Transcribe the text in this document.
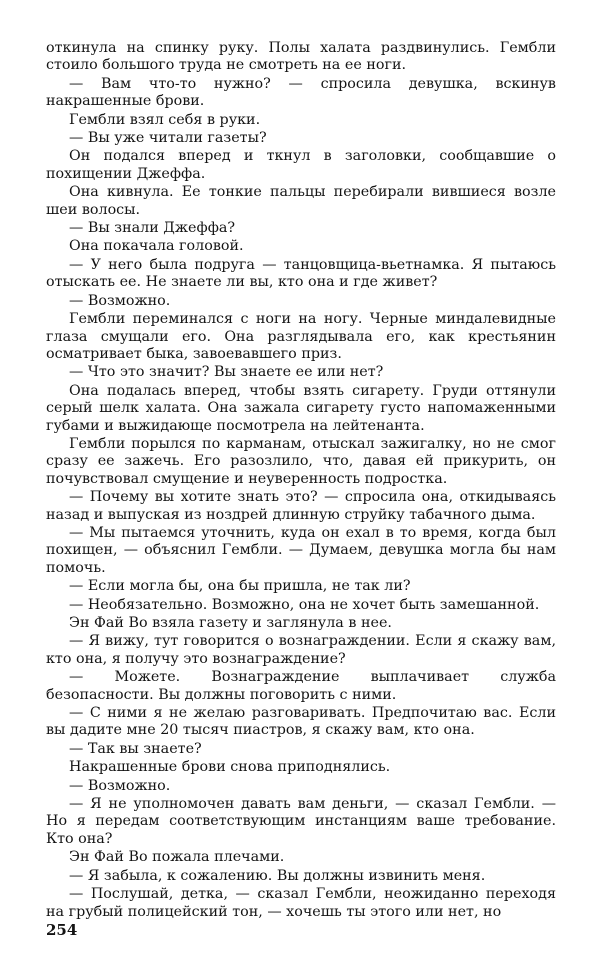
откинула на спинку руку. Полы халата раздвинулись. Гембли стоило большого труда не смотреть на ее ноги.

— Вам что-то нужно? — спросила девушка, вскинув накрашенные брови.

Гембли взял себя в руки.

— Вы уже читали газеты?

Он подался вперед и ткнул в заголовки, сообщавшие о похищении Джеффа.

Она кивнула. Ее тонкие пальцы перебирали вившиеся возле шеи волосы.

— Вы знали Джеффа?

Она покачала головой.

— У него была подруга — танцовщица-вьетнамка. Я пытаюсь отыскать ее. Не знаете ли вы, кто она и где живет?

— Возможно.

Гембли переминался с ноги на ногу. Черные миндалевидные глаза смущали его. Она разглядывала его, как крестьянин осматривает быка, завоевавшего приз.

— Что это значит? Вы знаете ее или нет?

Она подалась вперед, чтобы взять сигарету. Груди оттянули серый шелк халата. Она зажала сигарету густо напомаженными губами и выжидающе посмотрела на лейтенанта.

Гембли порылся по карманам, отыскал зажигалку, но не смог сразу ее зажечь. Его разозлило, что, давая ей прикурить, он почувствовал смущение и неуверенность подростка.

— Почему вы хотите знать это? — спросила она, откидываясь назад и выпуская из ноздрей длинную струйку табачного дыма.

— Мы пытаемся уточнить, куда он ехал в то время, когда был похищен, — объяснил Гембли. — Думаем, девушка могла бы нам помочь.

— Если могла бы, она бы пришла, не так ли?

— Необязательно. Возможно, она не хочет быть замешанной.

Эн Фай Во взяла газету и заглянула в нее.

— Я вижу, тут говорится о вознаграждении. Если я скажу вам, кто она, я получу это вознаграждение?

— Можете. Вознаграждение выплачивает служба безопасности. Вы должны поговорить с ними.

— С ними я не желаю разговаривать. Предпочитаю вас. Если вы дадите мне 20 тысяч пиастров, я скажу вам, кто она.

— Так вы знаете?

Накрашенные брови снова приподнялись.

— Возможно.

— Я не уполномочен давать вам деньги, — сказал Гембли. — Но я передам соответствующим инстанциям ваше требование. Кто она?

Эн Фай Во пожала плечами.

— Я забыла, к сожалению. Вы должны извинить меня.

— Послушай, детка, — сказал Гембли, неожиданно переходя на грубый полицейский тон, — хочешь ты этого или нет, но

254
